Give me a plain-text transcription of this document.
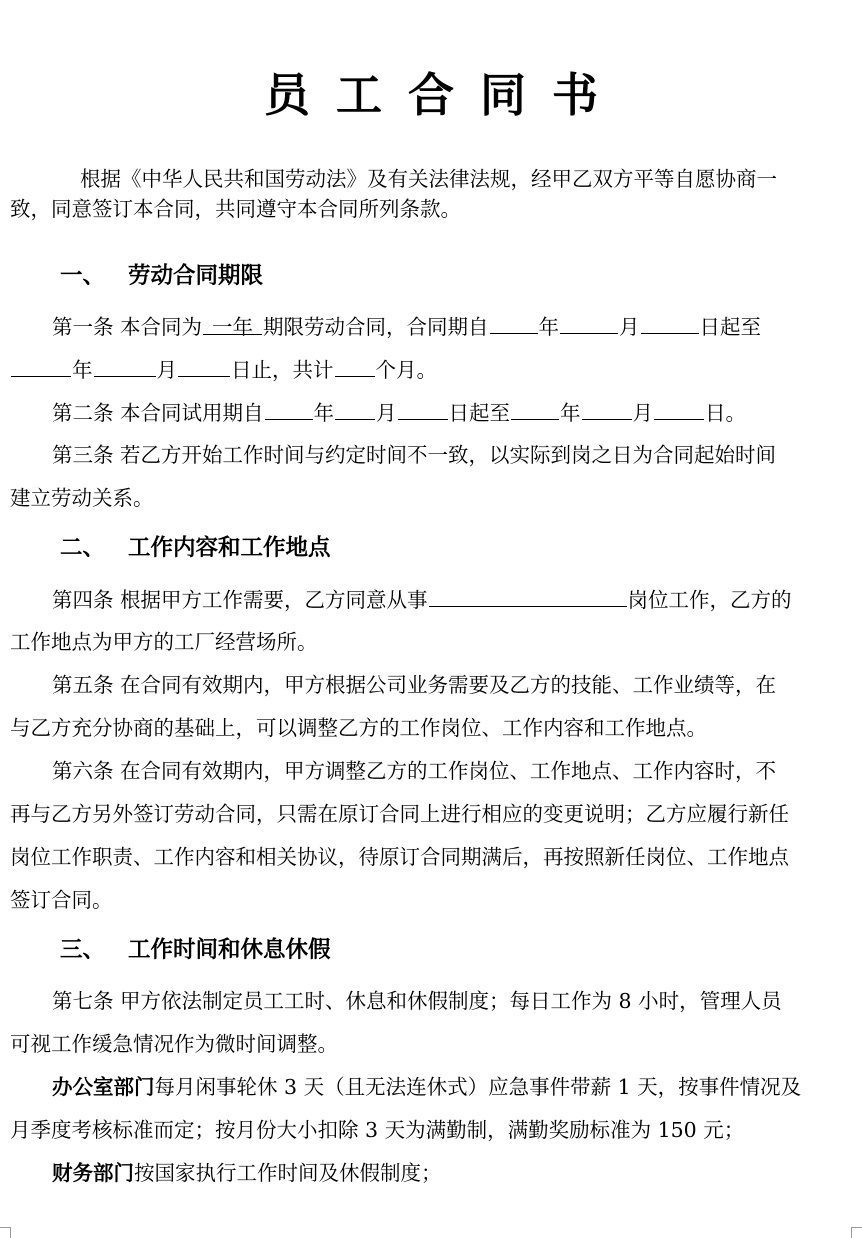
员 工 合 同 书
根据《中华人民共和国劳动法》及有关法律法规，经甲乙双方平等自愿协商一
致，同意签订本合同，共同遵守本合同所列条款。
一、 劳动合同期限
第一条 本合同为 一年 期限劳动合同，合同期自 年	月	日起至
年	月	日止，共计 个月。
第二条 本合同试用期自 年 月	日起至 年	月	日。
第三条 若乙方开始工作时间与约定时间不一致，以实际到岗之日为合同起始时间
建立劳动关系。
二、 工作内容和工作地点
第四条 根据甲方工作需要，乙方同意从事	岗位工作，乙方的
工作地点为甲方的工厂经营场所。
第五条 在合同有效期内，甲方根据公司业务需要及乙方的技能、工作业绩等，在
与乙方充分协商的基础上，可以调整乙方的工作岗位、工作内容和工作地点。
第六条 在合同有效期内，甲方调整乙方的工作岗位、工作地点、工作内容时，不
再与乙方另外签订劳动合同，只需在原订合同上进行相应的变更说明；乙方应履行新任
岗位工作职责、工作内容和相关协议，待原订合同期满后，再按照新任岗位、工作地点
签订合同。
三、 工作时间和休息休假
第七条 甲方依法制定员工工时、休息和休假制度；每日工作为 8 小时，管理人员
可视工作缓急情况作为微时间调整。
办公室部门每月闲事轮休 3 天（且无法连休式）应急事件带薪 1 天，按事件情况及
月季度考核标准而定；按月份大小扣除 3 天为满勤制，满勤奖励标准为 150 元；
财务部门按国家执行工作时间及休假制度；
